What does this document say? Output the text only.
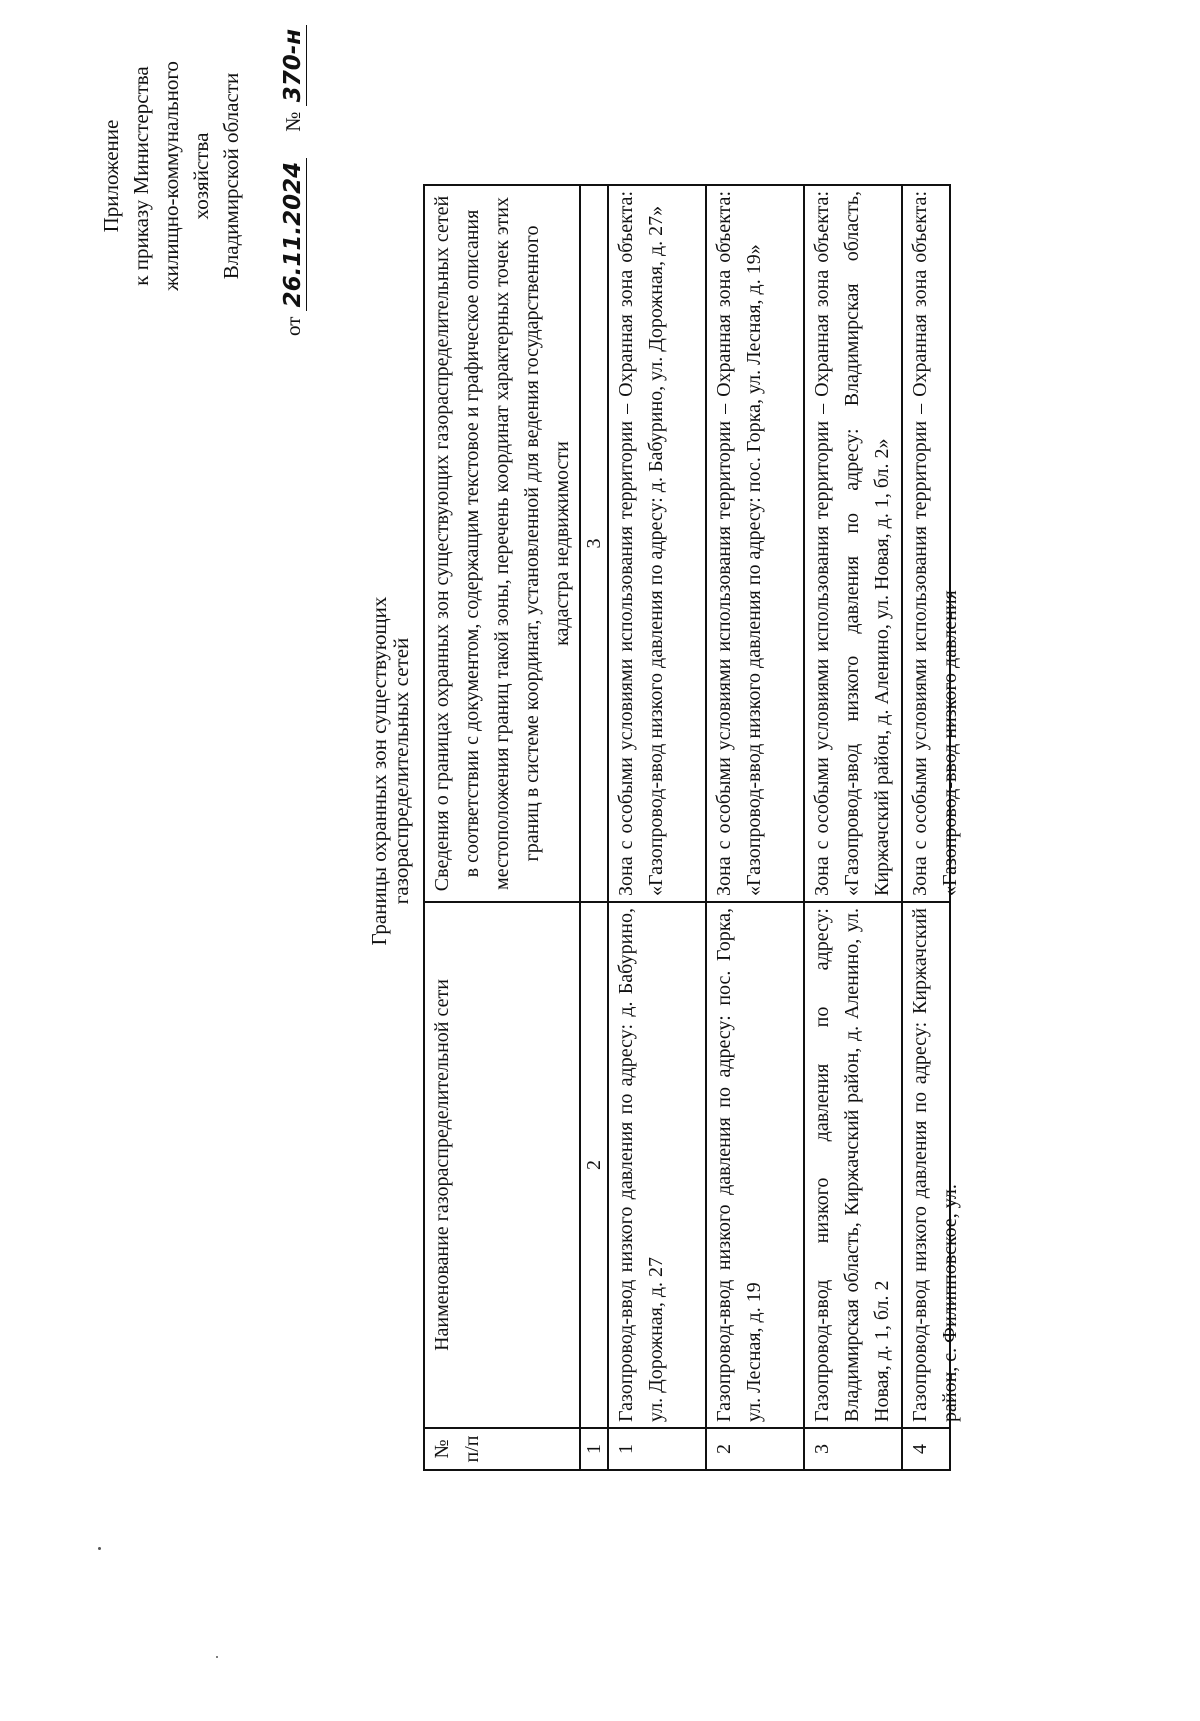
Приложение к приказу Министерства жилищно-коммунального хозяйства Владимирской области
от 26.11.2024     № 370-н
Границы охранных зон существующих
газораспределительных сетей
№ п/п	Наименование газораспределительной сети	Сведения о границах охранных зон существующих газораспределительных сетей в соответствии с документом, содержащим текстовое и графическое описания местоположения границ такой зоны, перечень координат характерных точек этих границ в системе координат, установленной для ведения государственного кадастра недвижимости
1	2	3
1	Газопровод-ввод низкого давления по адресу: д. Бабурино, ул. Дорожная, д. 27	Зона с особыми условиями использования территории – Охранная зона объекта: «Газопровод-ввод низкого давления по адресу: д. Бабурино, ул. Дорожная, д. 27»
2	Газопровод-ввод низкого давления по адресу: пос. Горка, ул. Лесная, д. 19	Зона с особыми условиями использования территории – Охранная зона объекта: «Газопровод-ввод низкого давления по адресу: пос. Горка, ул. Лесная, д. 19»
3	Газопровод-ввод низкого давления по адресу: Владимирская область, Киржачский район, д. Аленино, ул. Новая, д. 1, бл. 2	Зона с особыми условиями использования территории – Охранная зона объекта: «Газопровод-ввод низкого давления по адресу: Владимирская область, Киржачский район, д. Аленино, ул. Новая, д. 1, бл. 2»
4	Газопровод-ввод низкого давления по адресу: Киржачский район, с. Филипповское, ул.	Зона с особыми условиями использования территории – Охранная зона объекта: «Газопровод-ввод низкого давления
